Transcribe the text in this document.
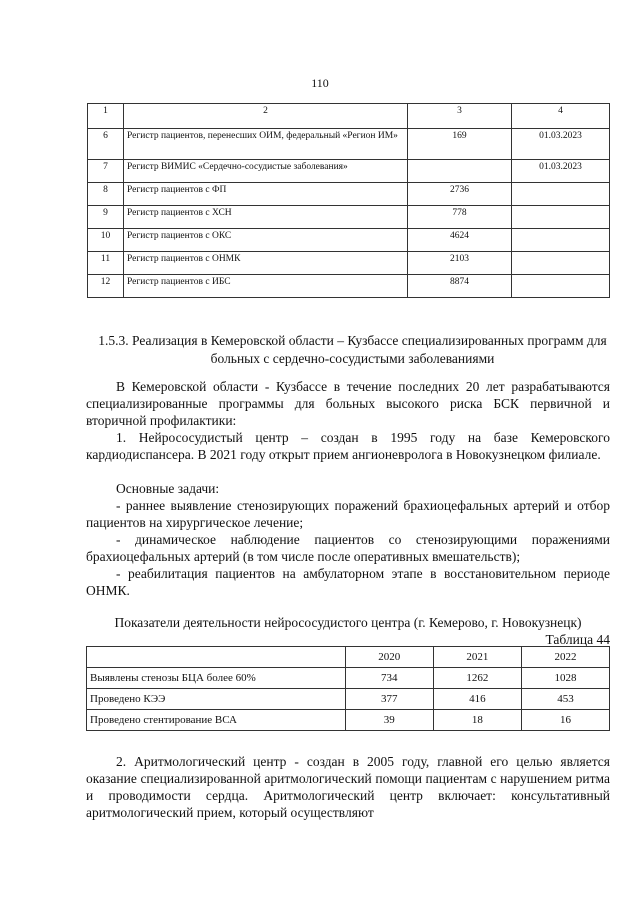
110
1	2	3	4
6	Регистр пациентов, перенесших ОИМ, федеральный «Регион ИМ»	169	01.03.2023
7	Регистр ВИМИС «Сердечно-сосудистые заболевания»		01.03.2023
8	Регистр пациентов с ФП	2736	
9	Регистр пациентов с ХСН	778	
10	Регистр пациентов с ОКС	4624	
11	Регистр пациентов с ОНМК	2103	
12	Регистр пациентов с ИБС	8874	
1.5.3. Реализация в Кемеровской области – Кузбассе специализированных программ для больных с сердечно-сосудистыми заболеваниями
В Кемеровской области - Кузбассе в течение последних 20 лет разрабатываются специализированные программы для больных высокого риска БСК первичной и вторичной профилактики:
1. Нейрососудистый центр – создан в 1995 году на базе Кемеровского кардиодиспансера. В 2021 году открыт прием ангионевролога в Новокузнецком филиале.
Основные задачи:
- раннее выявление стенозирующих поражений брахиоцефальных артерий и отбор пациентов на хирургическое лечение;
- динамическое наблюдение пациентов со стенозирующими поражениями брахиоцефальных артерий (в том числе после оперативных вмешательств);
- реабилитация пациентов на амбулаторном этапе в восстановительном периоде ОНМК.
Показатели деятельности нейрососудистого центра (г. Кемерово, г. Новокузнецк)
Таблица 44
	2020	2021	2022
Выявлены стенозы БЦА более 60%	734	1262	1028
Проведено КЭЭ	377	416	453
Проведено стентирование ВСА	39	18	16
2. Аритмологический центр - создан в 2005 году, главной его целью является оказание специализированной аритмологический помощи пациентам с нарушением ритма и проводимости сердца. Аритмологический центр включает: консультативный аритмологический прием, который осуществляют
